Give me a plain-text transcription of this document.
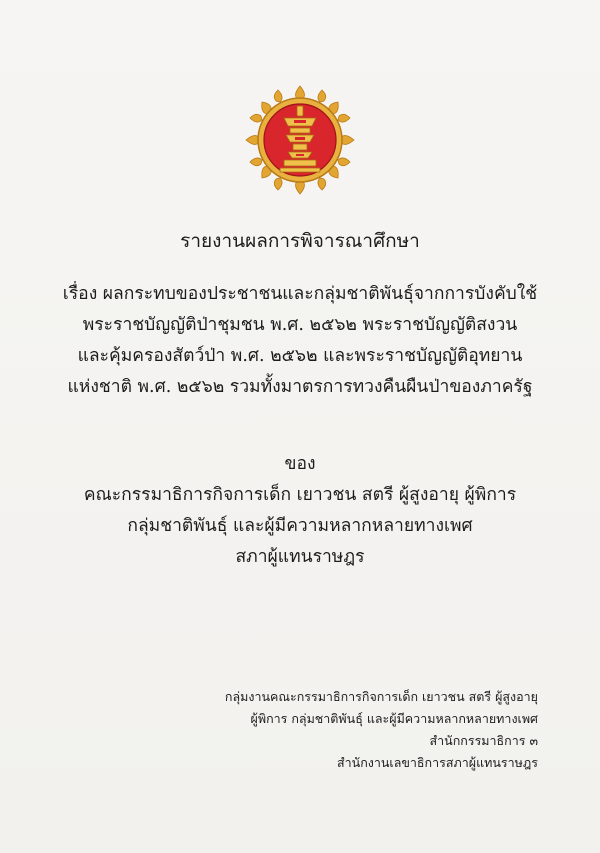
รายงานผลการพิจารณาศึกษา
เรื่อง ผลกระทบของประชาชนและกลุ่มชาติพันธุ์จากการบังคับใช้
พระราชบัญญัติป่าชุมชน พ.ศ. ๒๕๖๒ พระราชบัญญัติสงวน
และคุ้มครองสัตว์ป่า พ.ศ. ๒๕๖๒ และพระราชบัญญัติอุทยาน
แห่งชาติ พ.ศ. ๒๕๖๒ รวมทั้งมาตรการทวงคืนผืนป่าของภาครัฐ
ของ
คณะกรรมาธิการกิจการเด็ก เยาวชน สตรี ผู้สูงอายุ ผู้พิการ
กลุ่มชาติพันธุ์ และผู้มีความหลากหลายทางเพศ
สภาผู้แทนราษฎร
กลุ่มงานคณะกรรมาธิการกิจการเด็ก เยาวชน สตรี ผู้สูงอายุ
ผู้พิการ กลุ่มชาติพันธุ์ และผู้มีความหลากหลายทางเพศ
สำนักกรรมาธิการ ๓
สำนักงานเลขาธิการสภาผู้แทนราษฎร
